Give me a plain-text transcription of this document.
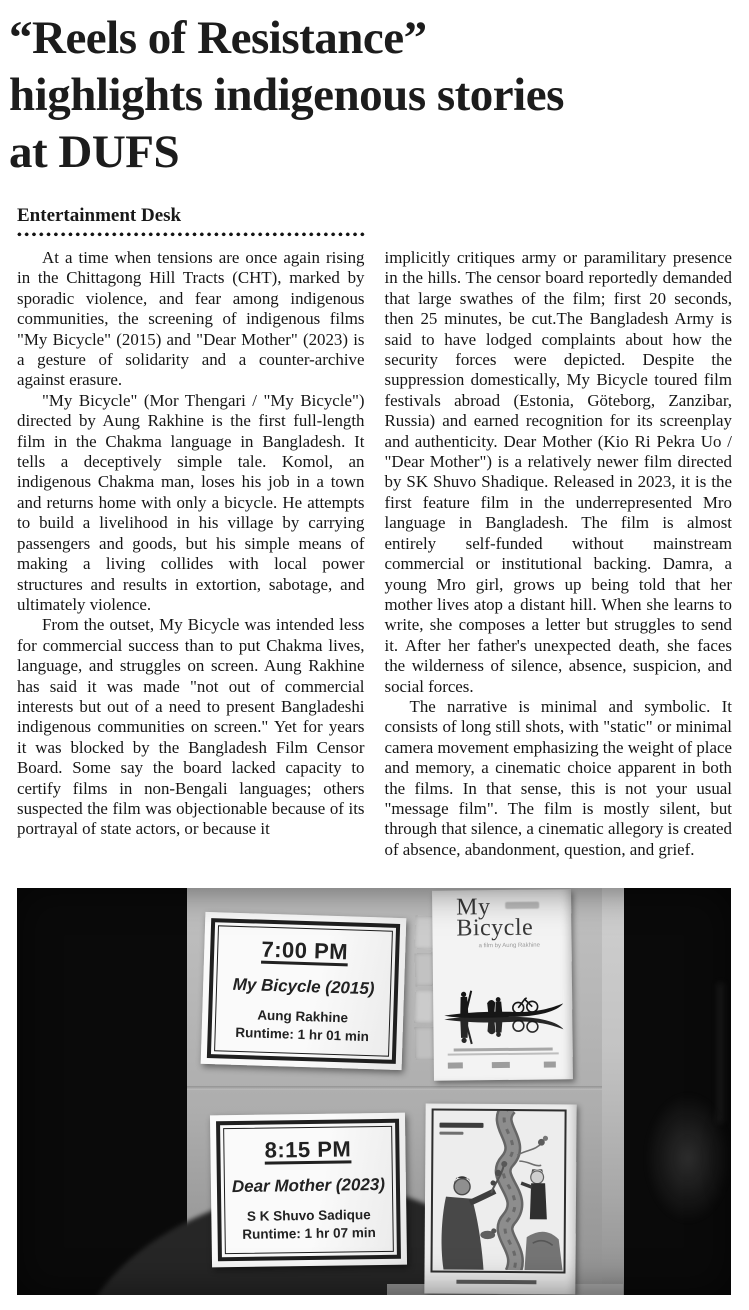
“Reels of Resistance” highlights indigenous stories at DUFS
Entertainment Desk

At a time when tensions are once again rising in the Chittagong Hill Tracts (CHT), marked by sporadic violence, and fear among indigenous communities, the screening of indigenous films "My Bicycle" (2015) and "Dear Mother" (2023) is a gesture of solidarity and a counter-archive against erasure.

"My Bicycle" (Mor Thengari / "My Bicycle") directed by Aung Rakhine is the first full-length film in the Chakma language in Bangladesh. It tells a deceptively simple tale. Komol, an indigenous Chakma man, loses his job in a town and returns home with only a bicycle. He attempts to build a livelihood in his village by carrying passengers and goods, but his simple means of making a living collides with local power structures and results in extortion, sabotage, and ultimately violence.

From the outset, My Bicycle was intended less for commercial success than to put Chakma lives, language, and struggles on screen. Aung Rakhine has said it was made "not out of commercial interests but out of a need to present Bangladeshi indigenous communities on screen." Yet for years it was blocked by the Bangladesh Film Censor Board. Some say the board lacked capacity to certify films in non-Bengali languages; others suspected the film was objectionable because of its portrayal of state actors, or because it

implicitly critiques army or paramilitary presence in the hills. The censor board reportedly demanded that large swathes of the film; first 20 seconds, then 25 minutes, be cut.The Bangladesh Army is said to have lodged complaints about how the security forces were depicted. Despite the suppression domestically, My Bicycle toured film festivals abroad (Estonia, Göteborg, Zanzibar, Russia) and earned recognition for its screenplay and authenticity. Dear Mother (Kio Ri Pekra Uo / "Dear Mother") is a relatively newer film directed by SK Shuvo Shadique. Released in 2023, it is the first feature film in the underrepresented Mro language in Bangladesh. The film is almost entirely self-funded without mainstream commercial or institutional backing. Damra, a young Mro girl, grows up being told that her mother lives atop a distant hill. When she learns to write, she composes a letter but struggles to send it. After her father's unexpected death, she faces the wilderness of silence, absence, suspicion, and social forces.

The narrative is minimal and symbolic. It consists of long still shots, with "static" or minimal camera movement emphasizing the weight of place and memory, a cinematic choice apparent in both the films. In that sense, this is not your usual "message film". The film is mostly silent, but through that silence, a cinematic allegory is created of absence, abandonment, question, and grief.

7:00 PM
My Bicycle (2015)
Aung Rakhine
Runtime: 1 hr 01 min
My
Bicycle
a film by Aung Rakhine
8:15 PM
Dear Mother (2023)
S K Shuvo Sadique
Runtime: 1 hr 07 min
